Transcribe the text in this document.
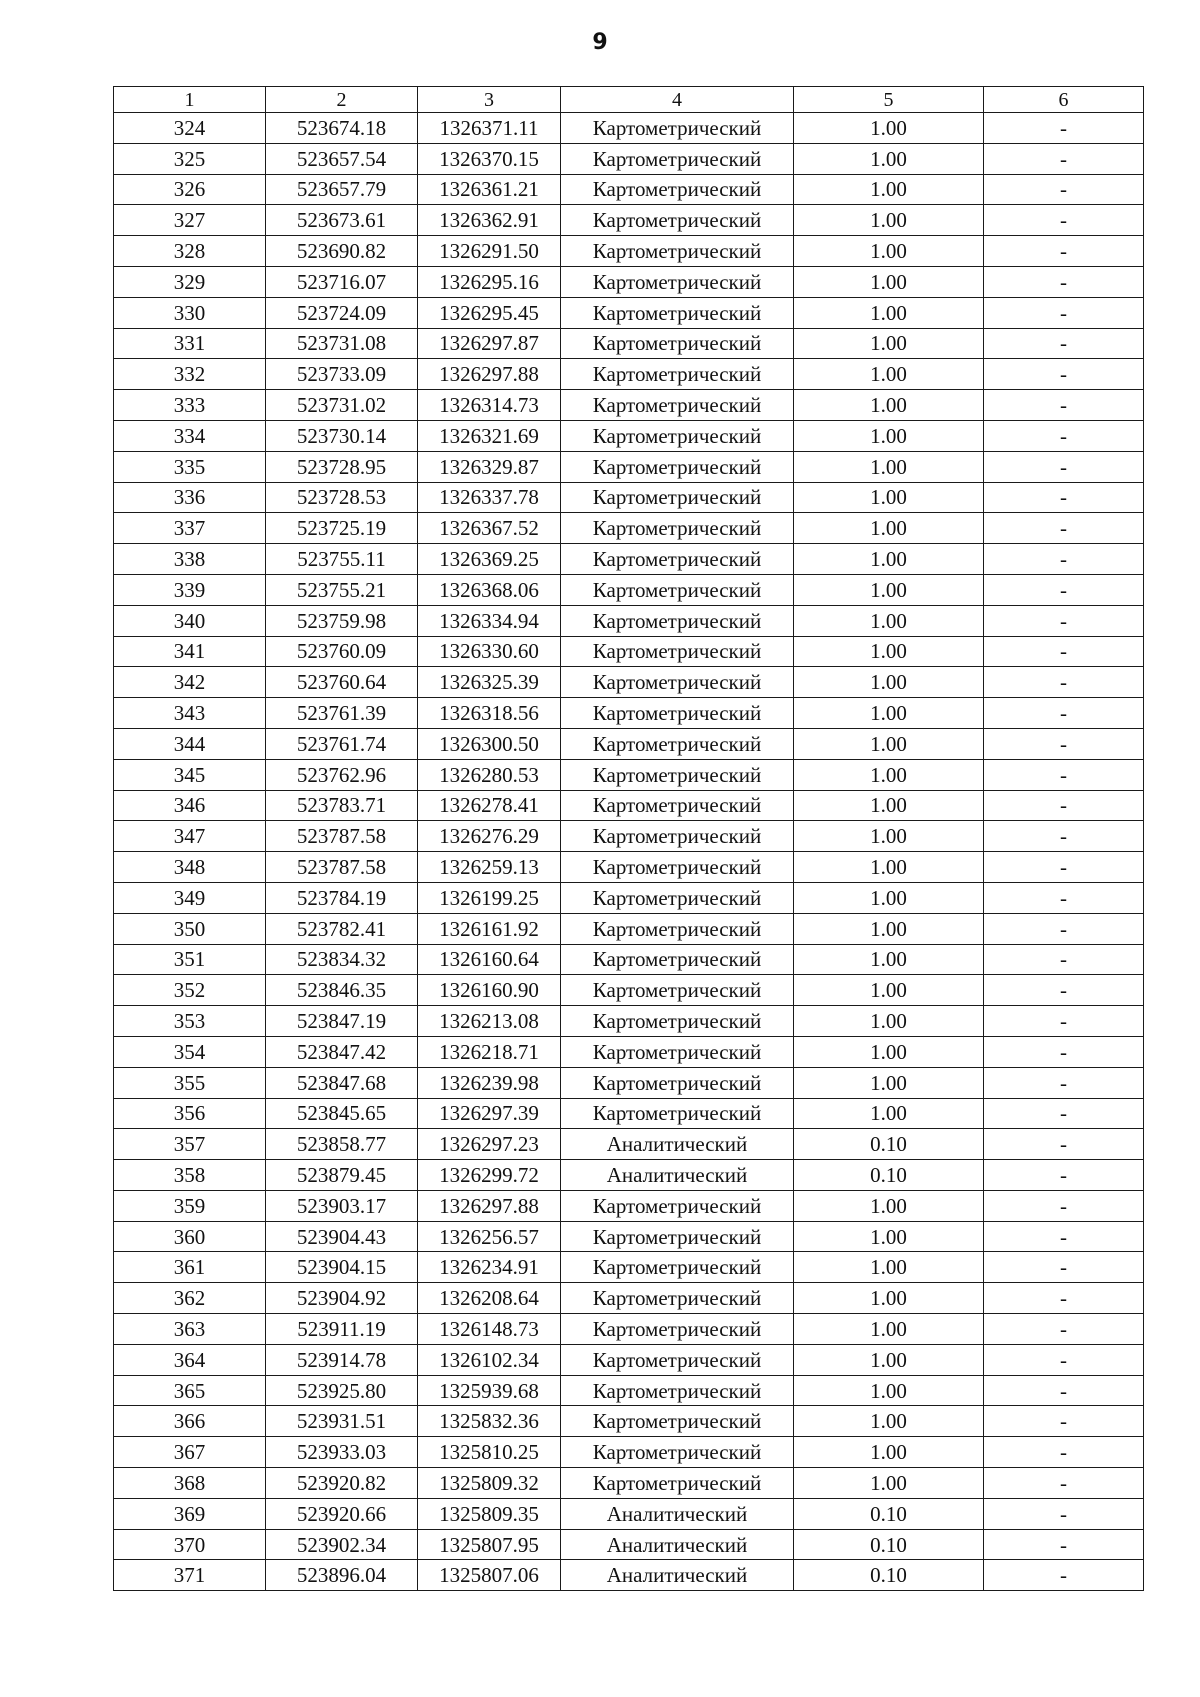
9
1	2	3	4	5	6
324	523674.18	1326371.11	Картометрический	1.00	-
325	523657.54	1326370.15	Картометрический	1.00	-
326	523657.79	1326361.21	Картометрический	1.00	-
327	523673.61	1326362.91	Картометрический	1.00	-
328	523690.82	1326291.50	Картометрический	1.00	-
329	523716.07	1326295.16	Картометрический	1.00	-
330	523724.09	1326295.45	Картометрический	1.00	-
331	523731.08	1326297.87	Картометрический	1.00	-
332	523733.09	1326297.88	Картометрический	1.00	-
333	523731.02	1326314.73	Картометрический	1.00	-
334	523730.14	1326321.69	Картометрический	1.00	-
335	523728.95	1326329.87	Картометрический	1.00	-
336	523728.53	1326337.78	Картометрический	1.00	-
337	523725.19	1326367.52	Картометрический	1.00	-
338	523755.11	1326369.25	Картометрический	1.00	-
339	523755.21	1326368.06	Картометрический	1.00	-
340	523759.98	1326334.94	Картометрический	1.00	-
341	523760.09	1326330.60	Картометрический	1.00	-
342	523760.64	1326325.39	Картометрический	1.00	-
343	523761.39	1326318.56	Картометрический	1.00	-
344	523761.74	1326300.50	Картометрический	1.00	-
345	523762.96	1326280.53	Картометрический	1.00	-
346	523783.71	1326278.41	Картометрический	1.00	-
347	523787.58	1326276.29	Картометрический	1.00	-
348	523787.58	1326259.13	Картометрический	1.00	-
349	523784.19	1326199.25	Картометрический	1.00	-
350	523782.41	1326161.92	Картометрический	1.00	-
351	523834.32	1326160.64	Картометрический	1.00	-
352	523846.35	1326160.90	Картометрический	1.00	-
353	523847.19	1326213.08	Картометрический	1.00	-
354	523847.42	1326218.71	Картометрический	1.00	-
355	523847.68	1326239.98	Картометрический	1.00	-
356	523845.65	1326297.39	Картометрический	1.00	-
357	523858.77	1326297.23	Аналитический	0.10	-
358	523879.45	1326299.72	Аналитический	0.10	-
359	523903.17	1326297.88	Картометрический	1.00	-
360	523904.43	1326256.57	Картометрический	1.00	-
361	523904.15	1326234.91	Картометрический	1.00	-
362	523904.92	1326208.64	Картометрический	1.00	-
363	523911.19	1326148.73	Картометрический	1.00	-
364	523914.78	1326102.34	Картометрический	1.00	-
365	523925.80	1325939.68	Картометрический	1.00	-
366	523931.51	1325832.36	Картометрический	1.00	-
367	523933.03	1325810.25	Картометрический	1.00	-
368	523920.82	1325809.32	Картометрический	1.00	-
369	523920.66	1325809.35	Аналитический	0.10	-
370	523902.34	1325807.95	Аналитический	0.10	-
371	523896.04	1325807.06	Аналитический	0.10	-
